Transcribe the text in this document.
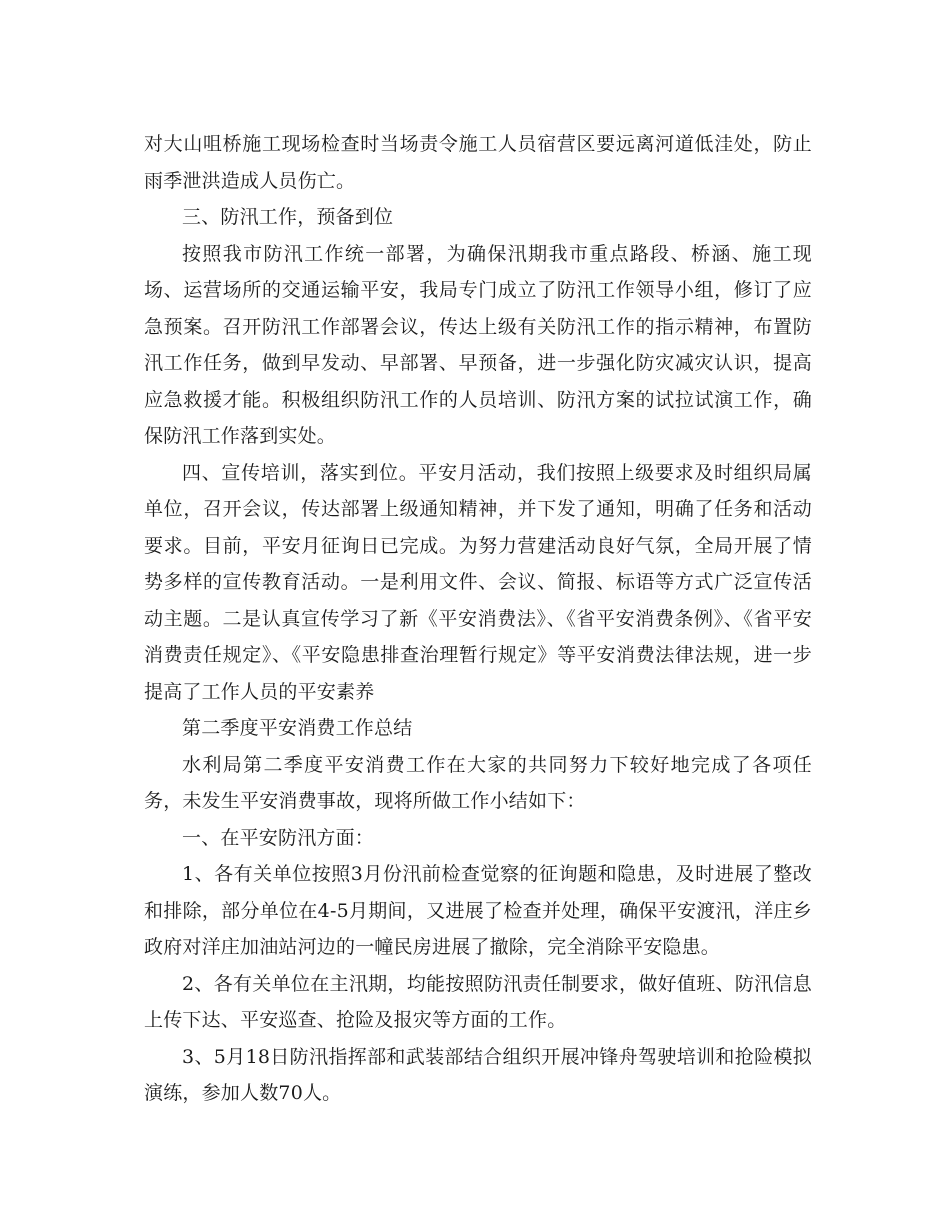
对大山咀桥施工现场检查时当场责令施工人员宿营区要远离河道低洼处，防止雨季泄洪造成人员伤亡。

三、防汛工作，预备到位

按照我市防汛工作统一部署，为确保汛期我市重点路段、桥涵、施工现场、运营场所的交通运输平安，我局专门成立了防汛工作领导小组，修订了应急预案。召开防汛工作部署会议，传达上级有关防汛工作的指示精神，布置防汛工作任务，做到早发动、早部署、早预备，进一步强化防灾减灾认识，提高应急救援才能。积极组织防汛工作的人员培训、防汛方案的试拉试演工作，确保防汛工作落到实处。

四、宣传培训，落实到位。平安月活动，我们按照上级要求及时组织局属单位，召开会议，传达部署上级通知精神，并下发了通知，明确了任务和活动要求。目前，平安月征询日已完成。为努力营建活动良好气氛，全局开展了情势多样的宣传教育活动。一是利用文件、会议、简报、标语等方式广泛宣传活动主题。二是认真宣传学习了新《平安消费法》、《省平安消费条例》、《省平安消费责任规定》、《平安隐患排查治理暂行规定》等平安消费法律法规，进一步提高了工作人员的平安素养

第二季度平安消费工作总结

水利局第二季度平安消费工作在大家的共同努力下较好地完成了各项任务，未发生平安消费事故，现将所做工作小结如下：

一、在平安防汛方面：

1、各有关单位按照3月份汛前检查觉察的征询题和隐患，及时进展了整改和排除，部分单位在4-5月期间，又进展了检查并处理，确保平安渡汛，洋庄乡政府对洋庄加油站河边的一幢民房进展了撤除，完全消除平安隐患。

2、各有关单位在主汛期，均能按照防汛责任制要求，做好值班、防汛信息上传下达、平安巡查、抢险及报灾等方面的工作。

3、5月18日防汛指挥部和武装部结合组织开展冲锋舟驾驶培训和抢险模拟演练，参加人数70人。
